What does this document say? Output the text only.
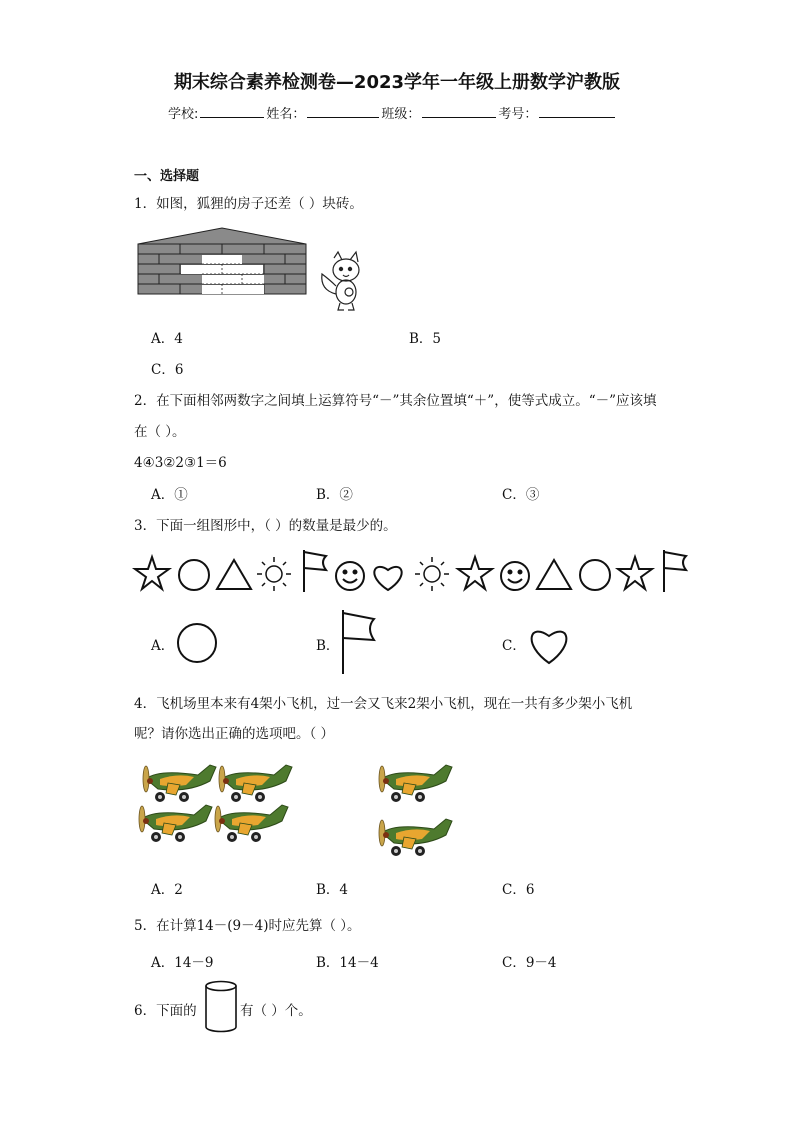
期末综合素养检测卷—2023学年一年级上册数学沪教版
学校:	姓名：	班级：	考号：
一、选择题
1．如图，狐狸的房子还差（ ）块砖。
A．4	B．5
C．6
2．在下面相邻两数字之间填上运算符号“－”其余位置填“＋”，使等式成立。“－”应该填
在（ ）。
4④3②2③1＝6
A．①	B．②	C．③
3．下面一组图形中，（ ）的数量是最少的。
A．	B．	C．
4．飞机场里本来有4架小飞机，过一会又飞来2架小飞机，现在一共有多少架小飞机
呢？请你选出正确的选项吧。（ ）
A．2	B．4	C．6
5．在计算14－(9－4)时应先算（ ）。
A．14－9	B．14－4	C．9－4
6．下面的	有（ ）个。
